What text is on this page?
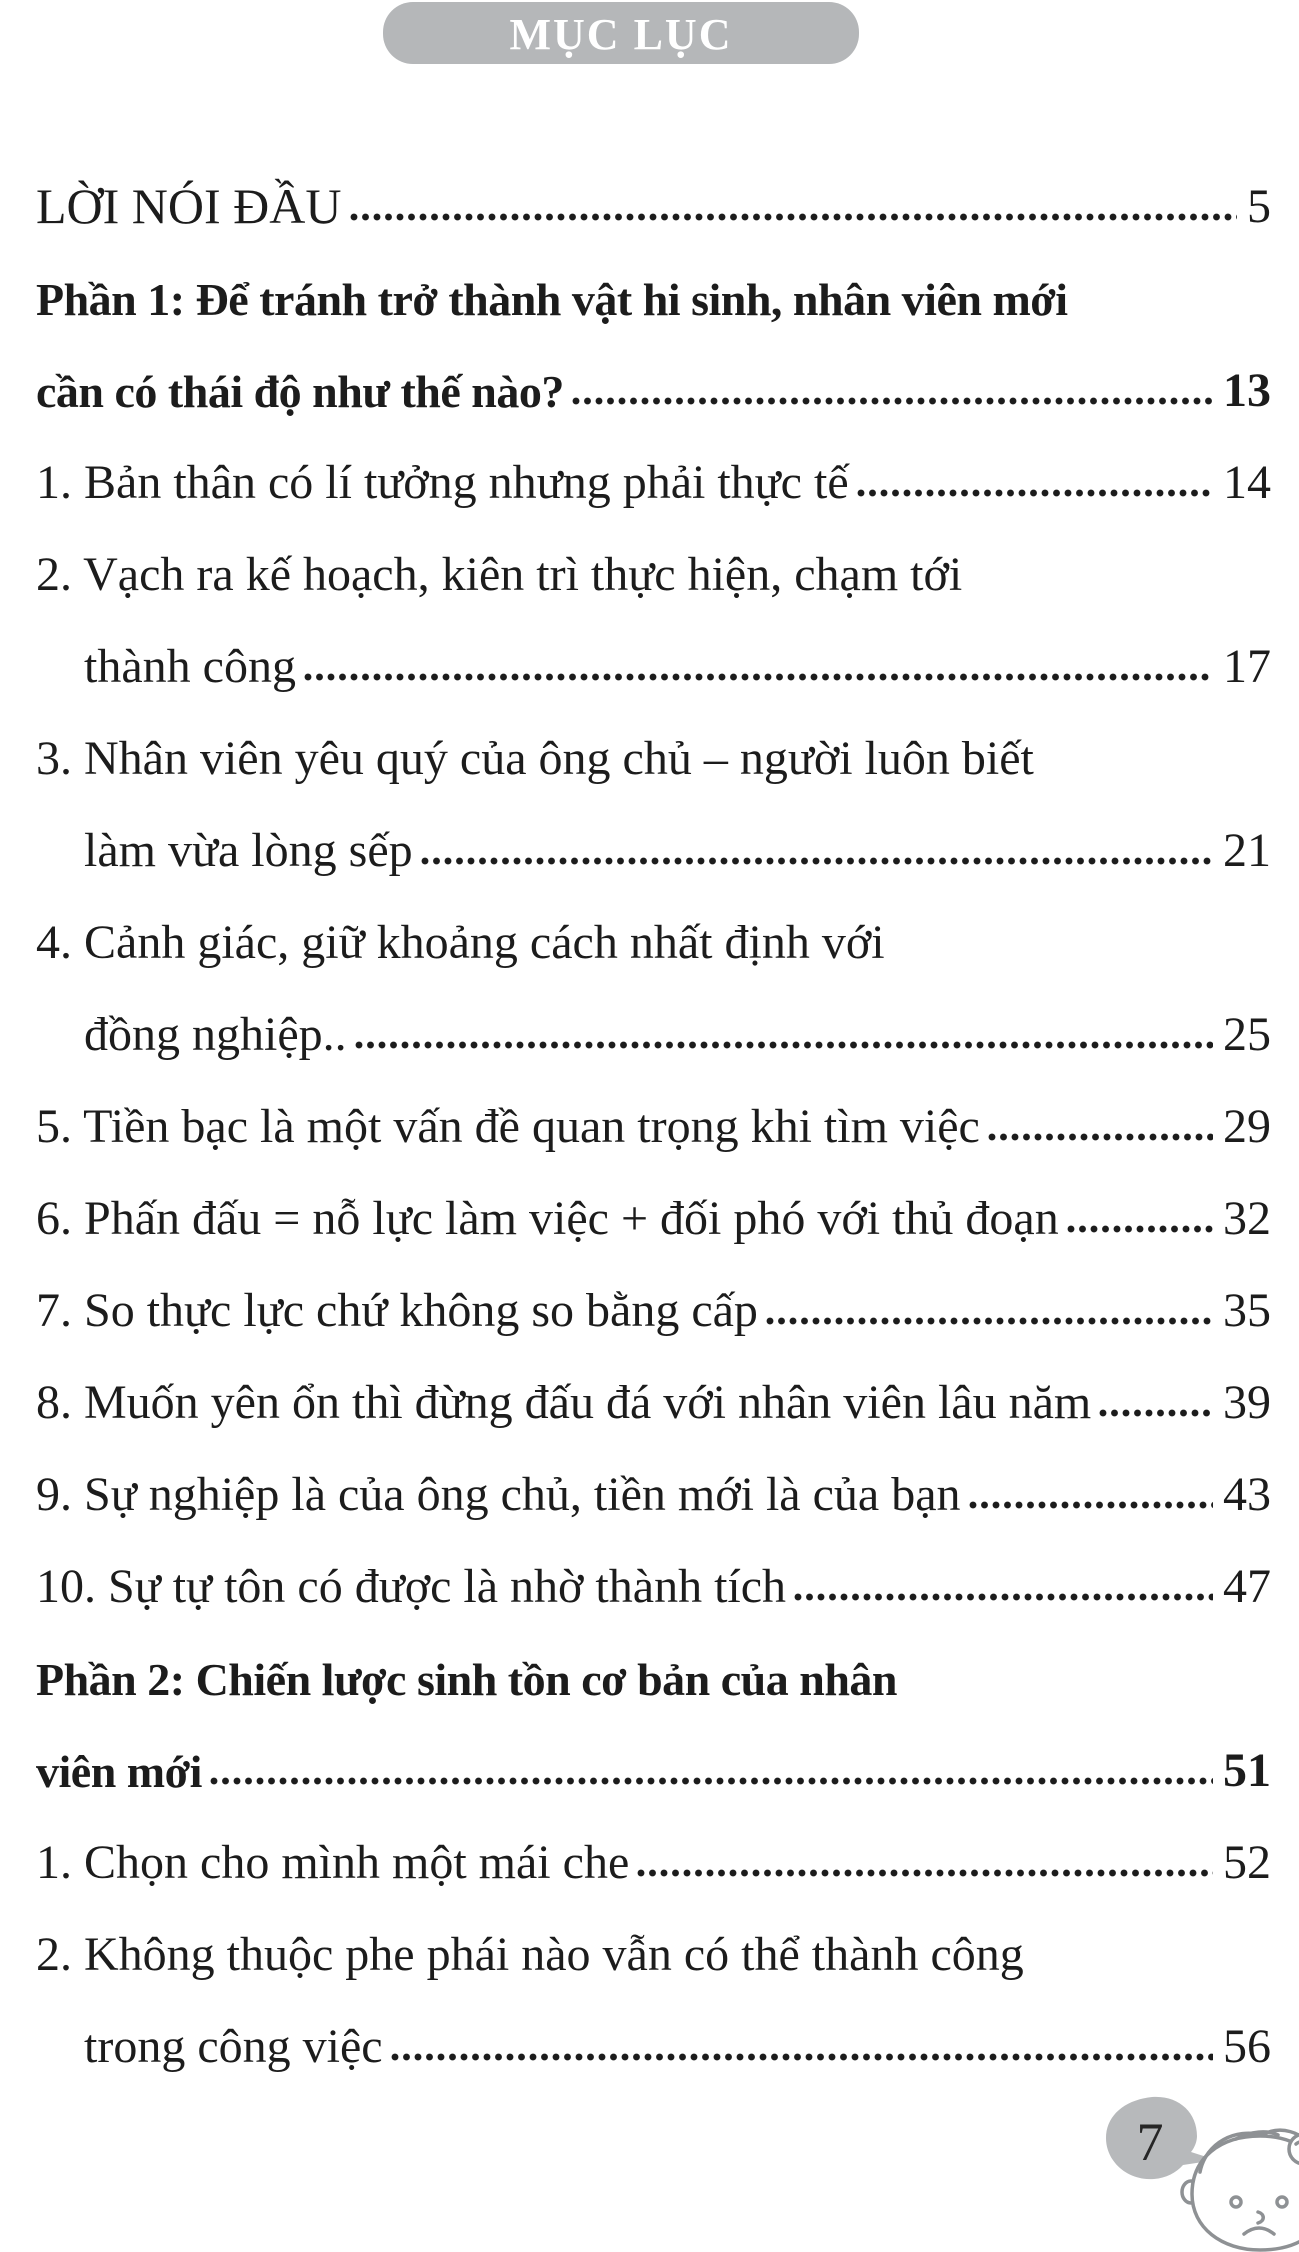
MỤC LỤC
LỜI NÓI ĐẦU	5
Phần 1: Để tránh trở thành vật hi sinh, nhân viên mới
cần có thái độ như thế nào?	13
1. Bản thân có lí tưởng nhưng phải thực tế	14
2. Vạch ra kế hoạch, kiên trì thực hiện, chạm tới
thành công	17
3. Nhân viên yêu quý của ông chủ – người luôn biết
làm vừa lòng sếp	21
4. Cảnh giác, giữ khoảng cách nhất định với
đồng nghiệp..	25
5. Tiền bạc là một vấn đề quan trọng khi tìm việc	29
6. Phấn đấu = nỗ lực làm việc + đối phó với thủ đoạn	32
7. So thực lực chứ không so bằng cấp	35
8. Muốn yên ổn thì đừng đấu đá với nhân viên lâu năm	39
9. Sự nghiệp là của ông chủ, tiền mới là của bạn	43
10. Sự tự tôn có được là nhờ thành tích	47
Phần 2: Chiến lược sinh tồn cơ bản của nhân
viên mới	51
1. Chọn cho mình một mái che	52
2. Không thuộc phe phái nào vẫn có thể thành công
trong công việc	56
7
